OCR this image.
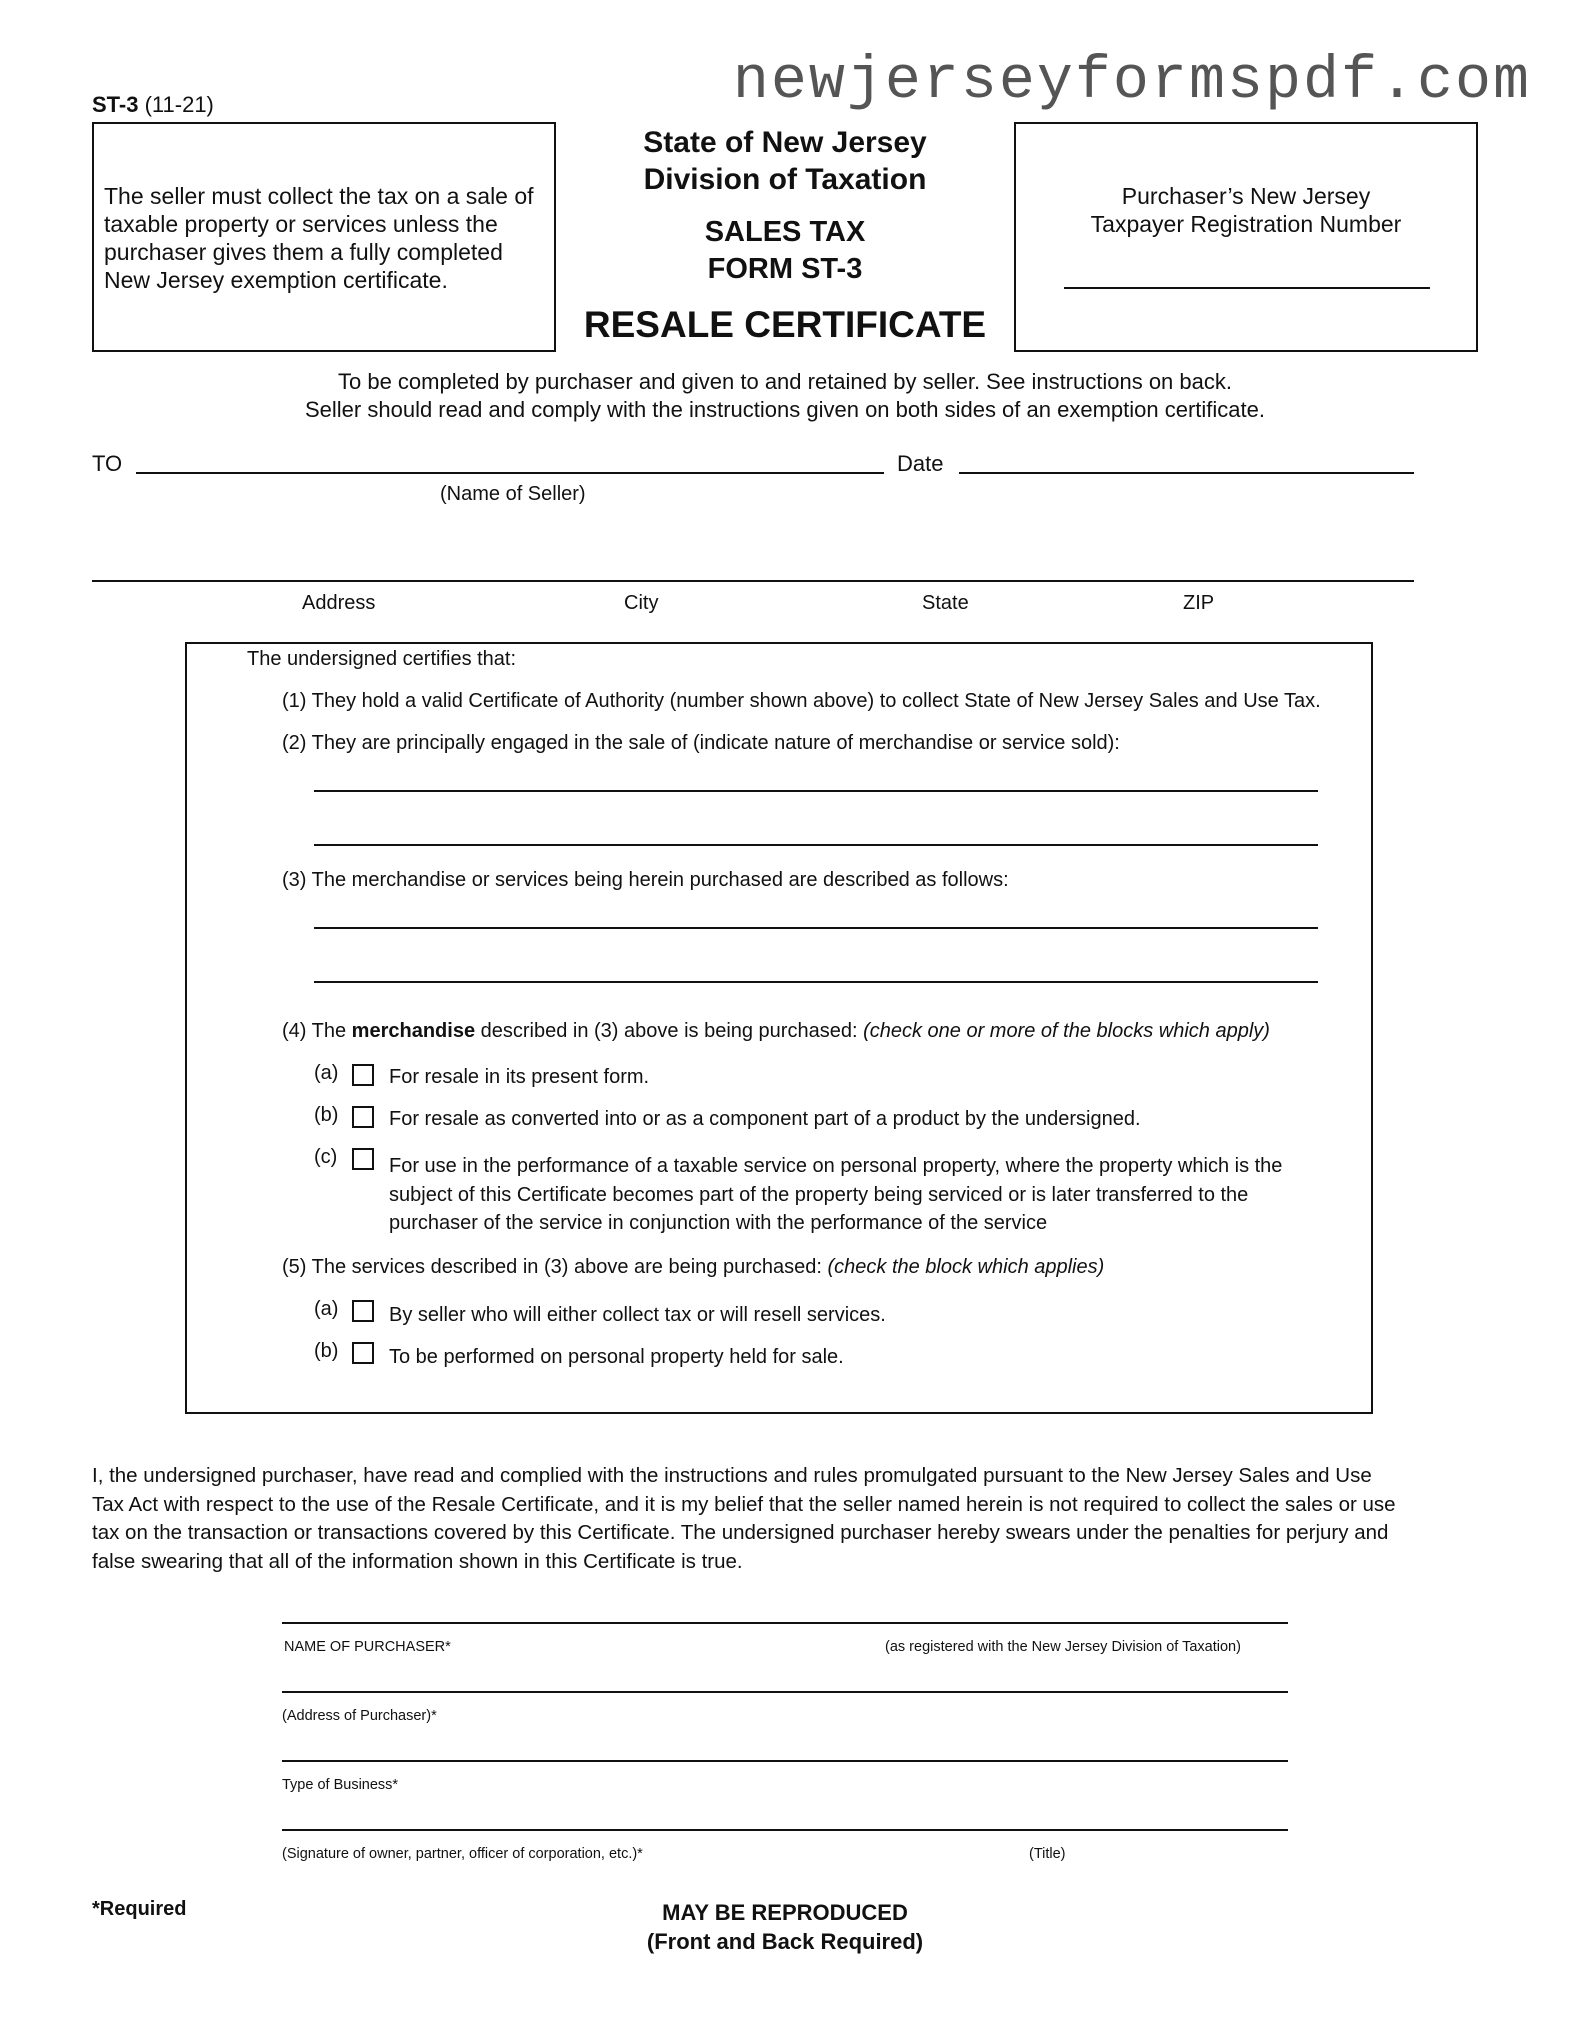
newjerseyformspdf.com
ST-3 (11-21)

The seller must collect the tax on a sale of taxable property or services unless the purchaser gives them a fully completed New Jersey exemption certificate.

State of New Jersey
Division of Taxation
SALES TAX
FORM ST-3
RESALE CERTIFICATE
Purchaser’s New Jersey
Taxpayer Registration Number
To be completed by purchaser and given to and retained by seller. See instructions on back.
Seller should read and comply with the instructions given on both sides of an exemption certificate.
TO	Date
(Name of Seller)
Address	City	State	ZIP
The undersigned certifies that:
(1) They hold a valid Certificate of Authority (number shown above) to collect State of New Jersey Sales and Use Tax.
(2) They are principally engaged in the sale of (indicate nature of merchandise or service sold):
(3) The merchandise or services being herein purchased are described as follows:
(4) The merchandise described in (3) above is being purchased: (check one or more of the blocks which apply)
(a)	For resale in its present form.
(b)	For resale as converted into or as a component part of a product by the undersigned.
(c)	For use in the performance of a taxable service on personal property, where the property which is the
subject of this Certificate becomes part of the property being serviced or is later transferred to the
purchaser of the service in conjunction with the performance of the service
(5) The services described in (3) above are being purchased: (check the block which applies)
(a)	By seller who will either collect tax or will resell services.
(b)	To be performed on personal property held for sale.
I, the undersigned purchaser, have read and complied with the instructions and rules promulgated pursuant to the New Jersey Sales and Use Tax Act with respect to the use of the Resale Certificate, and it is my belief that the seller named herein is not required to collect the sales or use tax on the transaction or transactions covered by this Certificate. The undersigned purchaser hereby swears under the penalties for perjury and false swearing that all of the information shown in this Certificate is true.
NAME OF PURCHASER*	(as registered with the New Jersey Division of Taxation)
(Address of Purchaser)*
Type of Business*
(Signature of owner, partner, officer of corporation, etc.)*	(Title)
*Required	MAY BE REPRODUCED
(Front and Back Required)
